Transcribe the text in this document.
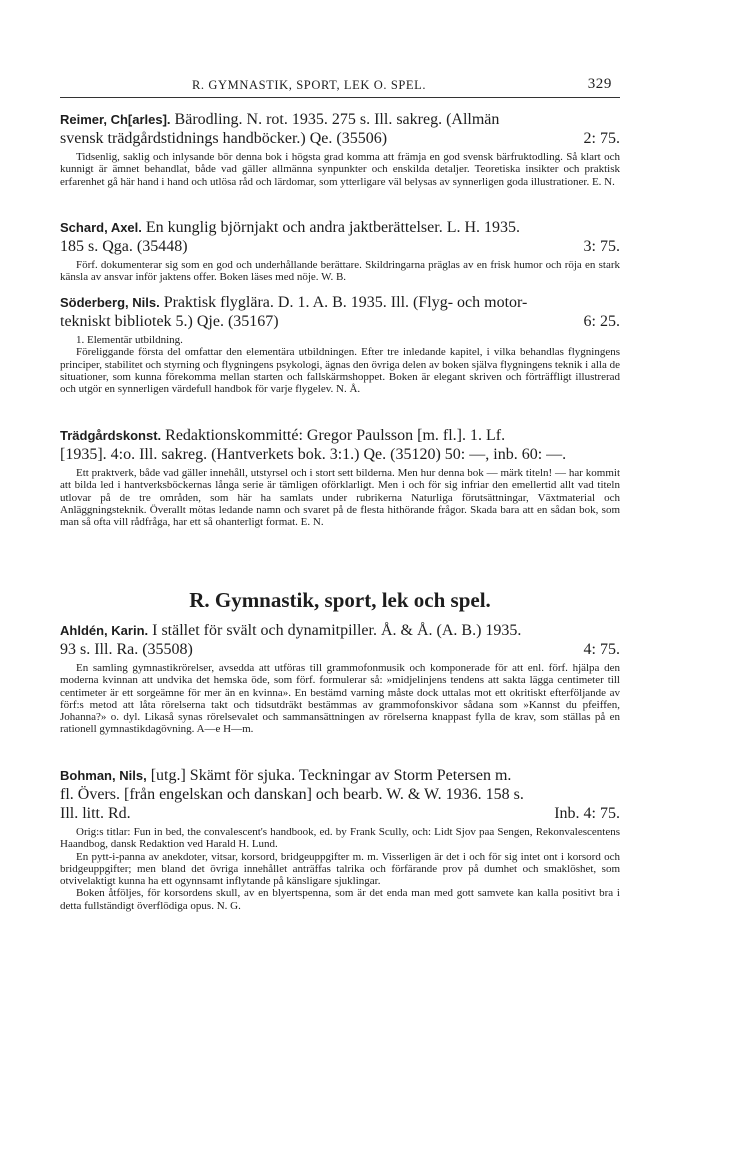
R. GYMNASTIK, SPORT, LEK O. SPEL.	329
Reimer, Ch[arles]. Bärodling. N. rot. 1935. 275 s. Ill. sakreg. (Allmän
svensk trädgårdstidnings handböcker.) Qe. (35506)	2: 75.

Tidsenlig, saklig och inlysande bör denna bok i högsta grad komma att främja en god svensk bärfruktodling. Så klart och kunnigt är ämnet behandlat, både vad gäller allmänna synpunkter och enskilda detaljer. Teoretiska insikter och praktisk erfarenhet gå här hand i hand och utlösa råd och lärdomar, som ytterligare väl belysas av synnerligen goda illustrationer. E. N.

Schard, Axel. En kunglig björnjakt och andra jaktberättelser. L. H. 1935.
185 s. Qga. (35448)	3: 75.

Förf. dokumenterar sig som en god och underhållande berättare. Skildringarna präglas av en frisk humor och röja en stark känsla av ansvar inför jaktens offer. Boken läses med nöje. W. B.

Söderberg, Nils. Praktisk flyglära. D. 1. A. B. 1935. Ill. (Flyg- och motor-
tekniskt bibliotek 5.) Qje. (35167)	6: 25.

1. Elementär utbildning.

Föreliggande första del omfattar den elementära utbildningen. Efter tre inledande kapitel, i vilka behandlas flygningens principer, stabilitet och styrning och flygningens psykologi, ägnas den övriga delen av boken själva flygningens teknik i alla de situationer, som kunna förekomma mellan starten och fallskärmshoppet. Boken är elegant skriven och förträffligt illustrerad och utgör en synnerligen värdefull handbok för varje flygelev. N. Å.

Trädgårdskonst. Redaktionskommitté: Gregor Paulsson [m. fl.]. 1. Lf.
[1935]. 4:o. Ill. sakreg. (Hantverkets bok. 3:1.) Qe. (35120) 50: —, inb. 60: —.

Ett praktverk, både vad gäller innehåll, utstyrsel och i stort sett bilderna. Men hur denna bok — märk titeln! — har kommit att bilda led i hantverksböckernas långa serie är tämligen oförklarligt. Men i och för sig infriar den emellertid allt vad titeln utlovar på de tre områden, som här ha samlats under rubrikerna Naturliga förutsättningar, Växtmaterial och Anläggningsteknik. Överallt mötas ledande namn och svaret på de flesta hithörande frågor. Skada bara att en sådan bok, som man så ofta vill rådfråga, har ett så ohanterligt format. E. N.

R. Gymnastik, sport, lek och spel.
Ahldén, Karin. I stället för svält och dynamitpiller. Å. & Å. (A. B.) 1935.
93 s. Ill. Ra. (35508)	4: 75.

En samling gymnastikrörelser, avsedda att utföras till grammofonmusik och komponerade för att enl. förf. hjälpa den moderna kvinnan att undvika det hemska öde, som förf. formulerar så: »midjelinjens tendens att sakta lägga centimeter till centimeter är ett sorgeämne för mer än en kvinna». En bestämd varning måste dock uttalas mot ett okritiskt efterföljande av förf:s metod att låta rörelserna takt och tidsutdräkt bestämmas av grammofonskivor sådana som »Kannst du pfeiffen, Johanna?» o. dyl. Likaså synas rörelsevalet och sammansättningen av rörelserna knappast fylla de krav, som ställas på en rationell gymnastikdagövning. A—e H—m.

Bohman, Nils, [utg.] Skämt för sjuka. Teckningar av Storm Petersen m.
fl. Övers. [från engelskan och danskan] och bearb. W. & W. 1936. 158 s.
Ill. litt. Rd.	Inb. 4: 75.

Orig:s titlar: Fun in bed, the convalescent's handbook, ed. by Frank Scully, och: Lidt Sjov paa Sengen, Rekonvalescentens Haandbog, dansk Redaktion ved Harald H. Lund.

En pytt-i-panna av anekdoter, vitsar, korsord, bridgeuppgifter m. m. Visserligen är det i och för sig intet ont i korsord och bridgeuppgifter; men bland det övriga innehållet anträffas talrika och förfärande prov på dumhet och smaklöshet, som otvivelaktigt kunna ha ett ogynnsamt inflytande på känsligare sjuklingar.

Boken åtföljes, för korsordens skull, av en blyertspenna, som är det enda man med gott samvete kan kalla positivt bra i detta fullständigt överflödiga opus. N. G.
